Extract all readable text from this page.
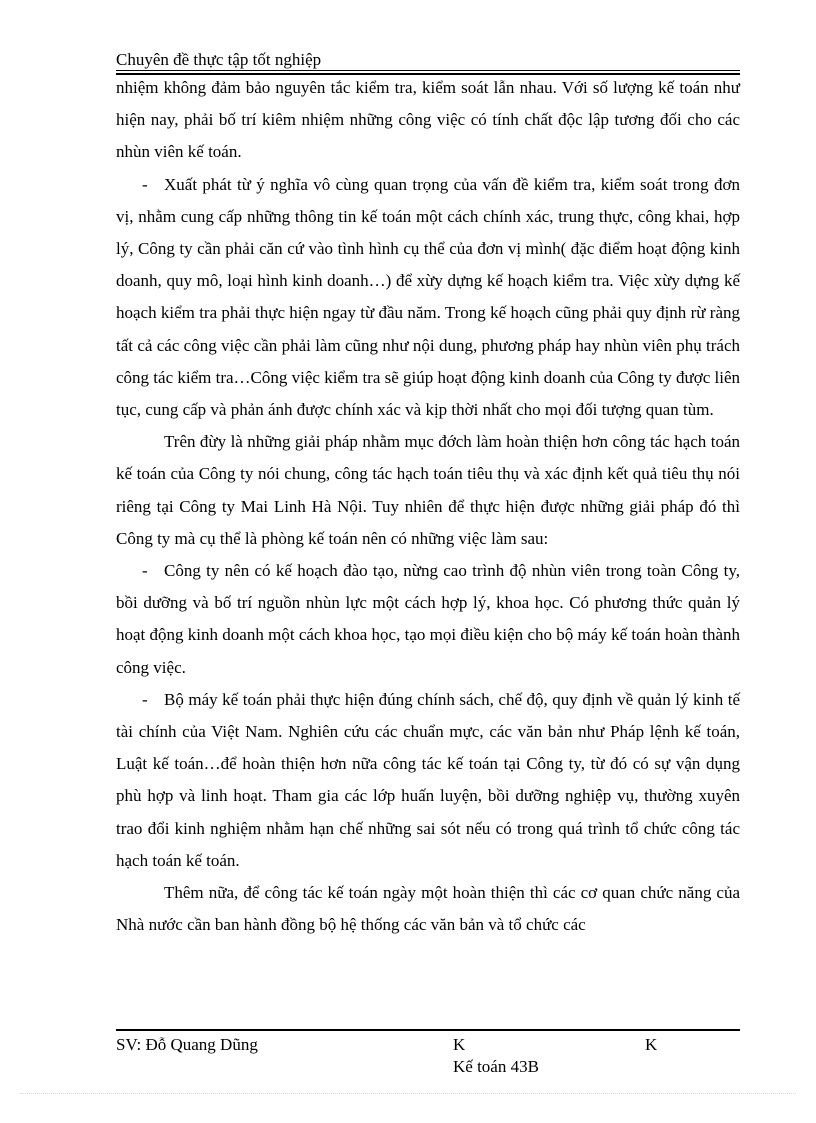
Chuyên đề thực tập tốt nghiệp

nhiệm không đảm bảo nguyên tắc kiểm tra, kiểm soát lẫn nhau. Với số lượng kế toán như hiện nay, phải bố trí kiêm nhiệm những công việc có tính chất độc lập tương đối cho các nhùn viên kế toán.

- Xuất phát từ ý nghĩa vô cùng quan trọng của vấn đề kiểm tra, kiểm soát trong đơn vị, nhằm cung cấp những thông tin kế toán một cách chính xác, trung thực, công khai, hợp lý, Công ty cần phải căn cứ vào tình hình cụ thể của đơn vị mình( đặc điểm hoạt động kinh doanh, quy mô, loại hình kinh doanh…) để xừy dựng kế hoạch kiểm tra. Việc xừy dựng kế hoạch kiểm tra phải thực hiện ngay từ đầu năm. Trong kế hoạch cũng phải quy định rừ ràng tất cả các công việc cần phải làm cũng như nội dung, phương pháp hay nhùn viên phụ trách công tác kiểm tra…Công việc kiểm tra sẽ giúp hoạt động kinh doanh của Công ty được liên tục, cung cấp và phản ánh được chính xác và kịp thời nhất cho mọi đối tượng quan tùm.

Trên đừy là những giải pháp nhằm mục đớch làm hoàn thiện hơn công tác hạch toán kế toán của Công ty nói chung, công tác hạch toán tiêu thụ và xác định kết quả tiêu thụ nói riêng tại Công ty Mai Linh Hà Nội. Tuy nhiên để thực hiện được những giải pháp đó thì Công ty mà cụ thể là phòng kế toán nên có những việc làm sau:

- Công ty nên có kế hoạch đào tạo, nừng cao trình độ nhùn viên trong toàn Công ty, bồi dưỡng và bố trí nguồn nhùn lực một cách hợp lý, khoa học. Có phương thức quản lý hoạt động kinh doanh một cách khoa học, tạo mọi điều kiện cho bộ máy kế toán hoàn thành công việc.

- Bộ máy kế toán phải thực hiện đúng chính sách, chế độ, quy định về quản lý kinh tế tài chính của Việt Nam. Nghiên cứu các chuẩn mực, các văn bản như Pháp lệnh kế toán, Luật kế toán…để hoàn thiện hơn nữa công tác kế toán tại Công ty, từ đó có sự vận dụng phù hợp và linh hoạt. Tham gia các lớp huấn luyện, bồi dưỡng nghiệp vụ, thường xuyên trao đổi kinh nghiệm nhằm hạn chế những sai sót nếu có trong quá trình tổ chức công tác hạch toán kế toán.

Thêm nữa, để công tác kế toán ngày một hoàn thiện thì các cơ quan chức năng của Nhà nước cần ban hành đồng bộ hệ thống các văn bản và tổ chức các

SV: Đỗ Quang Dũng	K
Kế toán 43B
K
